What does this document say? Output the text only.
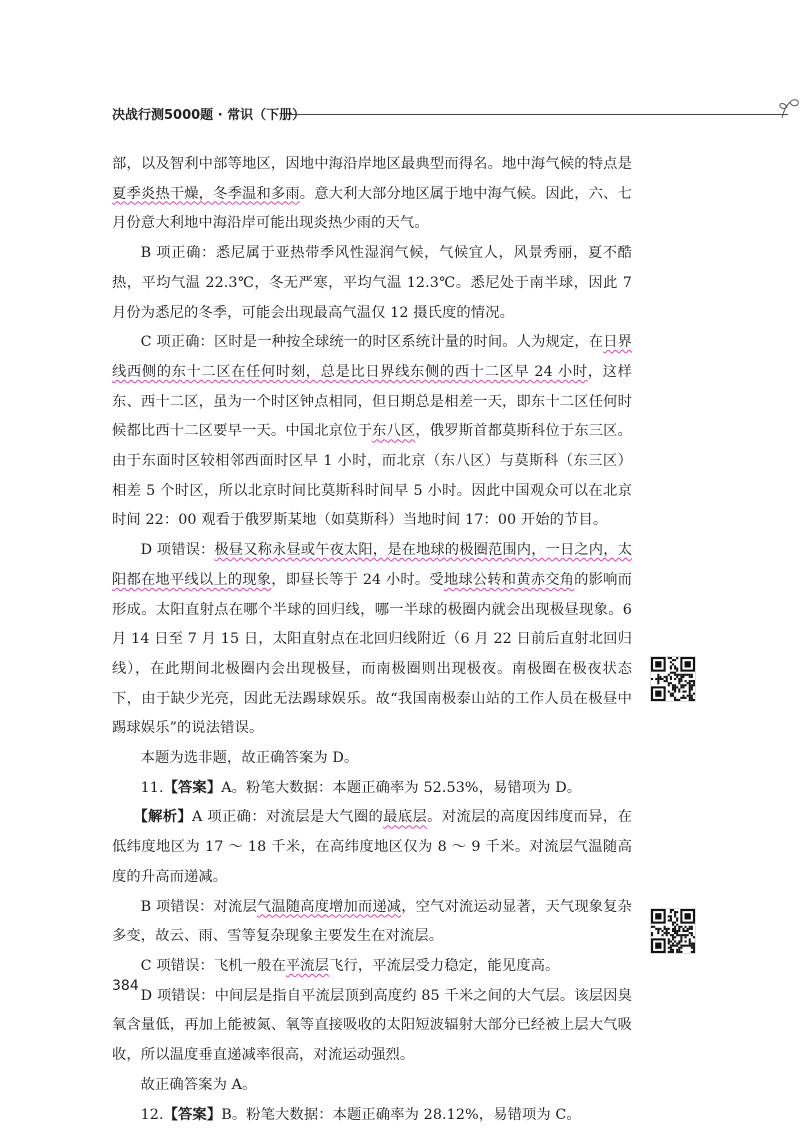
决战行测5000题 · 常识（下册）

部，以及智利中部等地区，因地中海沿岸地区最典型而得名。地中海气候的特点是夏季炎热干燥，冬季温和多雨。意大利大部分地区属于地中海气候。因此，六、七月份意大利地中海沿岸可能出现炎热少雨的天气。

B 项正确：悉尼属于亚热带季风性湿润气候，气候宜人，风景秀丽，夏不酷热，平均气温 22.3℃，冬无严寒，平均气温 12.3℃。悉尼处于南半球，因此 7 月份为悉尼的冬季，可能会出现最高气温仅 12 摄氏度的情况。

C 项正确：区时是一种按全球统一的时区系统计量的时间。人为规定，在日界线西侧的东十二区在任何时刻，总是比日界线东侧的西十二区早 24 小时，这样东、西十二区，虽为一个时区钟点相同，但日期总是相差一天，即东十二区任何时候都比西十二区要早一天。中国北京位于东八区，俄罗斯首都莫斯科位于东三区。由于东面时区较相邻西面时区早 1 小时，而北京（东八区）与莫斯科（东三区）相差 5 个时区，所以北京时间比莫斯科时间早 5 小时。因此中国观众可以在北京时间 22：00 观看于俄罗斯某地（如莫斯科）当地时间 17：00 开始的节目。

D 项错误：极昼又称永昼或午夜太阳，是在地球的极圈范围内，一日之内，太阳都在地平线以上的现象，即昼长等于 24 小时。受地球公转和黄赤交角的影响而形成。太阳直射点在哪个半球的回归线，哪一半球的极圈内就会出现极昼现象。6 月 14 日至 7 月 15 日，太阳直射点在北回归线附近（6 月 22 日前后直射北回归线），在此期间北极圈内会出现极昼，而南极圈则出现极夜。南极圈在极夜状态下，由于缺少光亮，因此无法踢球娱乐。故“我国南极泰山站的工作人员在极昼中踢球娱乐”的说法错误。

本题为选非题，故正确答案为 D。

11.【答案】A。粉笔大数据：本题正确率为 52.53%，易错项为 D。

【解析】A 项正确：对流层是大气圈的最底层。对流层的高度因纬度而异，在低纬度地区为 17 ～ 18 千米，在高纬度地区仅为 8 ～ 9 千米。对流层气温随高度的升高而递减。

B 项错误：对流层气温随高度增加而递减，空气对流运动显著，天气现象复杂多变，故云、雨、雪等复杂现象主要发生在对流层。

C 项错误：飞机一般在平流层飞行，平流层受力稳定，能见度高。

D 项错误：中间层是指自平流层顶到高度约 85 千米之间的大气层。该层因臭氧含量低，再加上能被氮、氧等直接吸收的太阳短波辐射大部分已经被上层大气吸收，所以温度垂直递减率很高，对流运动强烈。

故正确答案为 A。

12.【答案】B。粉笔大数据：本题正确率为 28.12%，易错项为 C。

384
